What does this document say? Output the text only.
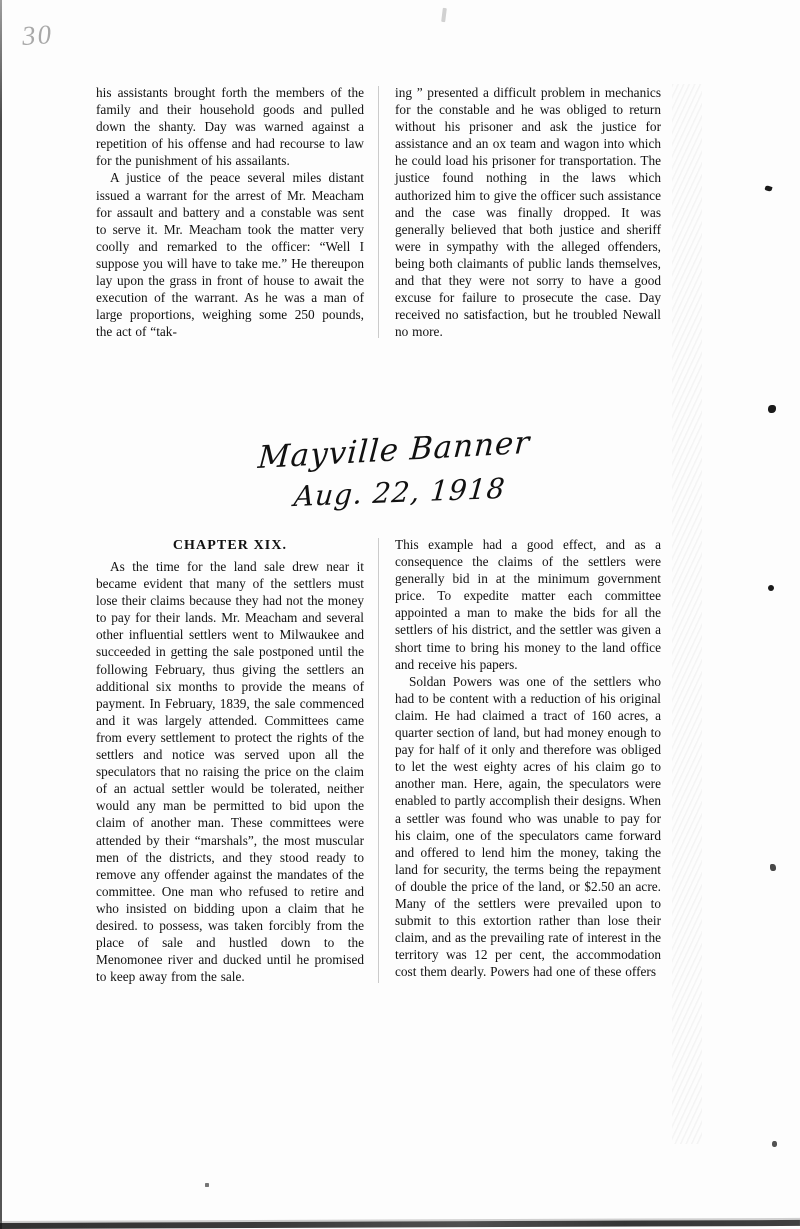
30

his assistants brought forth the members of the family and their household goods and pulled down the shanty. Day was warned against a repetition of his offense and had recourse to law for the punishment of his assailants.

A justice of the peace several miles distant issued a warrant for the arrest of Mr. Meacham for assault and battery and a constable was sent to serve it. Mr. Meacham took the matter very coolly and remarked to the officer: “Well I suppose you will have to take me.” He thereupon lay upon the grass in front of house to await the execution of the warrant. As he was a man of large proportions, weighing some 250 pounds, the act of “tak-

ing ” presented a difficult problem in mechanics for the constable and he was obliged to return without his prisoner and ask the justice for assistance and an ox team and wagon into which he could load his prisoner for transportation. The justice found nothing in the laws which authorized him to give the officer such assistance and the case was finally dropped. It was generally believed that both justice and sheriff were in sympathy with the alleged offenders, being both claimants of public lands themselves, and that they were not sorry to have a good excuse for failure to prosecute the case. Day received no satisfaction, but he troubled Newall no more.

Mayville Banner
Aug. 22, 1918
CHAPTER XIX.

As the time for the land sale drew near it became evident that many of the settlers must lose their claims because they had not the money to pay for their lands. Mr. Meacham and several other influential settlers went to Milwaukee and succeeded in getting the sale postponed until the following February, thus giving the settlers an additional six months to provide the means of payment. In February, 1839, the sale commenced and it was largely attended. Committees came from every settlement to protect the rights of the settlers and notice was served upon all the speculators that no raising the price on the claim of an actual settler would be tolerated, neither would any man be permitted to bid upon the claim of another man. These committees were attended by their “marshals”, the most muscular men of the districts, and they stood ready to remove any offender against the mandates of the committee. One man who refused to retire and who insisted on bidding upon a claim that he desired. to possess, was taken forcibly from the place of sale and hustled down to the Menomonee river and ducked until he promised to keep away from the sale.

This example had a good effect, and as a consequence the claims of the settlers were generally bid in at the minimum government price. To expedite matter each committee appointed a man to make the bids for all the settlers of his district, and the settler was given a short time to bring his money to the land office and receive his papers.

Soldan Powers was one of the settlers who had to be content with a reduction of his original claim. He had claimed a tract of 160 acres, a quarter section of land, but had money enough to pay for half of it only and therefore was obliged to let the west eighty acres of his claim go to another man. Here, again, the speculators were enabled to partly accomplish their designs. When a settler was found who was unable to pay for his claim, one of the speculators came forward and offered to lend him the money, taking the land for security, the terms being the repayment of double the price of the land, or $2.50 an acre. Many of the settlers were prevailed upon to submit to this extortion rather than lose their claim, and as the prevailing rate of interest in the territory was 12 per cent, the accommodation cost them dearly. Powers had one of these offers
